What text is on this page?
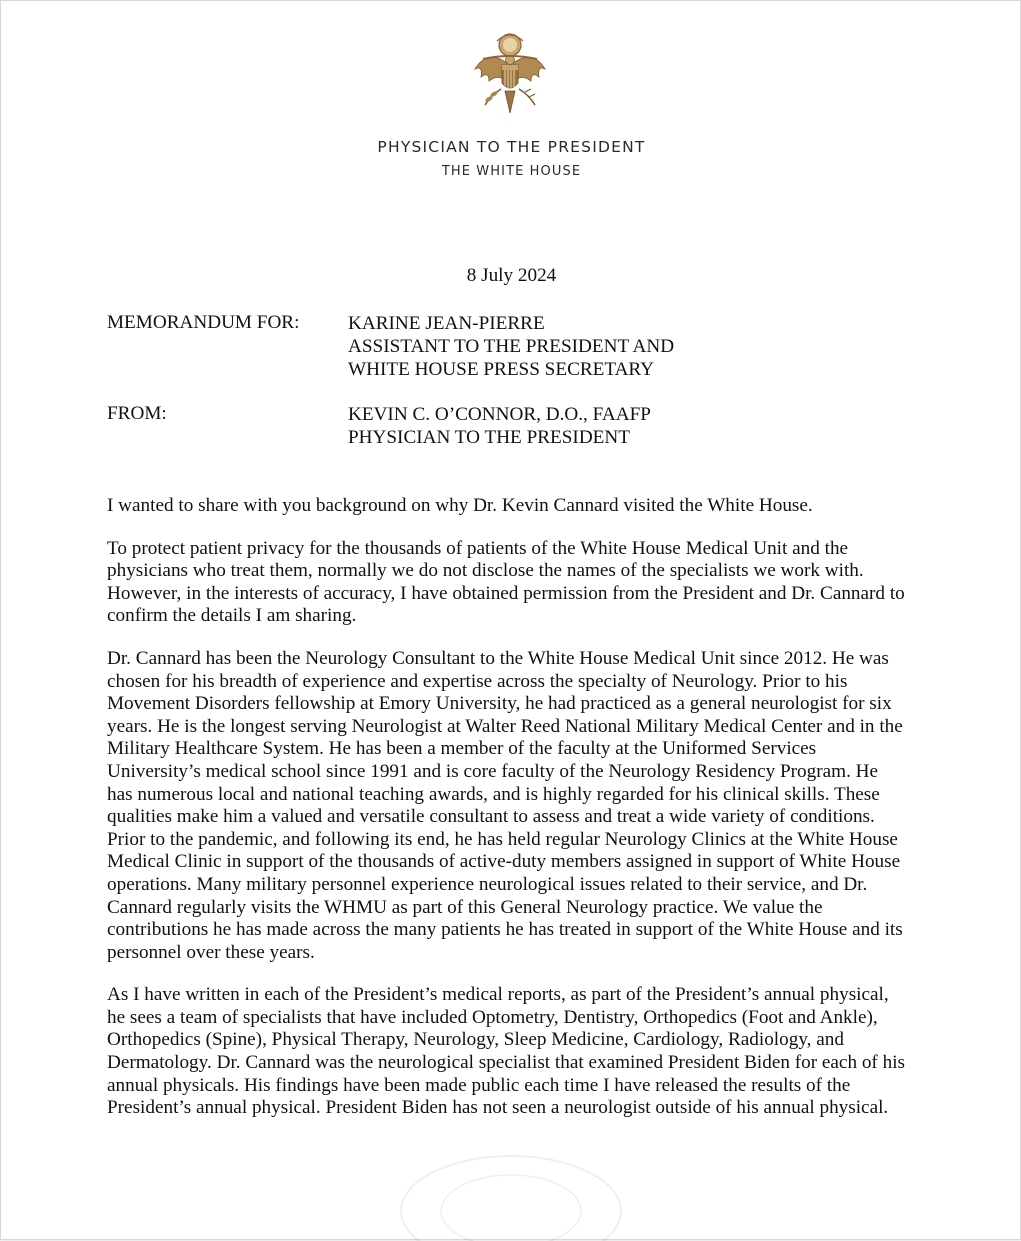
PHYSICIAN TO THE PRESIDENT
THE WHITE HOUSE
8 July 2024
MEMORANDUM FOR:	KARINE JEAN-PIERRE
ASSISTANT TO THE PRESIDENT AND
WHITE HOUSE PRESS SECRETARY
FROM:	KEVIN C. O’CONNOR, D.O., FAAFP
PHYSICIAN TO THE PRESIDENT

I wanted to share with you background on why Dr. Kevin Cannard visited the White House.

To protect patient privacy for the thousands of patients of the White House Medical Unit and the physicians who treat them, normally we do not disclose the names of the specialists we work with. However, in the interests of accuracy, I have obtained permission from the President and Dr. Cannard to confirm the details I am sharing.

Dr. Cannard has been the Neurology Consultant to the White House Medical Unit since 2012. He was chosen for his breadth of experience and expertise across the specialty of Neurology. Prior to his Movement Disorders fellowship at Emory University, he had practiced as a general neurologist for six years. He is the longest serving Neurologist at Walter Reed National Military Medical Center and in the Military Healthcare System. He has been a member of the faculty at the Uniformed Services University’s medical school since 1991 and is core faculty of the Neurology Residency Program. He has numerous local and national teaching awards, and is highly regarded for his clinical skills. These qualities make him a valued and versatile consultant to assess and treat a wide variety of conditions. Prior to the pandemic, and following its end, he has held regular Neurology Clinics at the White House Medical Clinic in support of the thousands of active-duty members assigned in support of White House operations. Many military personnel experience neurological issues related to their service, and Dr. Cannard regularly visits the WHMU as part of this General Neurology practice. We value the contributions he has made across the many patients he has treated in support of the White House and its personnel over these years.

As I have written in each of the President’s medical reports, as part of the President’s annual physical, he sees a team of specialists that have included Optometry, Dentistry, Orthopedics (Foot and Ankle), Orthopedics (Spine), Physical Therapy, Neurology, Sleep Medicine, Cardiology, Radiology, and Dermatology. Dr. Cannard was the neurological specialist that examined President Biden for each of his annual physicals. His findings have been made public each time I have released the results of the President’s annual physical. President Biden has not seen a neurologist outside of his annual physical.
